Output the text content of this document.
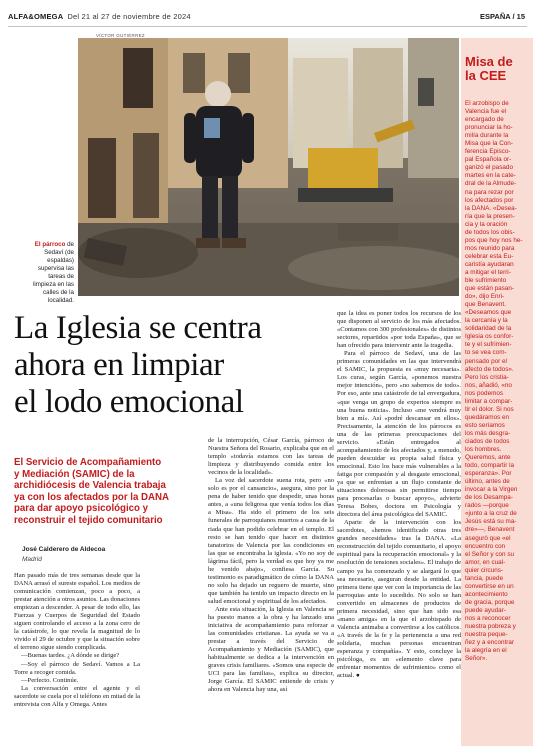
ALFA&OMEGA Del 21 al 27 de noviembre de 2024	ESPAÑA / 15
VÍCTOR GUTIÉRREZ
El párroco de Sedaví (de espaldas) supervisa las tareas de limpieza en las calles de la localidad.
Misa de
la CEE
El arzobispo de
Valencia fue el
encargado de
pronunciar la ho-
milía durante la
Misa que la Con-
ferencia Episco-
pal Española or-
ganizó el pasado
martes en la cate-
dral de la Almude-
na para rezar por
los afectados por
la DANA. «Desea-
ría que la presen-
cia y la oración
de todos los obis-
pos que hoy nos he-
mos reunido para
celebrar esta Eu-
caristía ayudaran
a mitigar el terri-
ble sufrimiento
que están pasan-
do», dijo Enri-
que Benavent.
«Deseamos que
la cercanía y la
solidaridad de la
Iglesia os confor-
te y el sufrimien-
to se vea com-
pensado por el
afecto de todos».
Pero los cristia-
nos, añadió, «no
nos podemos
limitar a compar-
tir el dolor. Si nos
quedáramos en
esto seríamos
los más desgra-
ciados de todos
los hombres.
Queremos, ante
todo, compartir la
esperanza». Por
último, antes de
invocar a la Virgen
de los Desampa-
rados —porque
«junto a la cruz de
Jesús está su ma-
dre»—, Benavent
aseguró que «el
encuentro con
el Señor y con su
amor, en cual-
quier circuns-
tancia, puede
convertirse en un
acontecimiento
de gracia, porque
puede ayudar-
nos a reconocer
nuestra pobreza y
nuestra peque-
ñez y a encontrar
la alegría en el
Señor».
La Iglesia se centra
ahora en limpiar
el lodo emocional
El Servicio de Acompañamiento
y Mediación (SAMIC) de la
archidiócesis de Valencia trabaja
ya con los afectados por la DANA
para dar apoyo psicológico y
reconstruir el tejido comunitario
José Calderero de Aldecoa
Madrid

Han pasado más de tres semanas desde que la DANA arrasó el sureste español. Los medios de comunicación comienzan, poco a poco, a prestar atención a otros asuntos. Las donaciones empiezan a descender. A pesar de todo ello, las Fuerzas y Cuerpos de Seguridad del Estado siguen controlando el acceso a la zona cero de la catástrofe, lo que revela la magnitud de lo vivido el 29 de octubre y que la situación sobre el terreno sigue siendo complicada.

—Buenas tardes. ¿A dónde se dirige?

—Soy el párroco de Sedaví. Vamos a La Torre a recoger comida.

—Perfecto. Continúe.

La conversación entre el agente y el sacerdote se cuela por el teléfono en mitad de la entrevista con Alfa y Omega. Antes

de la interrupción, César García, párroco de Nuestra Señora del Rosario, explicaba que en el templo «todavía estamos con las tareas de limpieza y distribuyendo comida entre los vecinos de la localidad».

La voz del sacerdote suena rota, pero «no solo es por el cansancio», asegura, sino por la pena de haber tenido que despedir, unas horas antes, a «una feligresa que venía todos los días a Misa». Ha sido el primero de los seis funerales de parroquianos muertos a causa de la riada que han podido celebrar en el templo. El resto se han tenido que hacer en distintos tanatorios de Valencia por las condiciones en las que se encontraba la iglesia. «Yo no soy de lágrima fácil, pero la verdad es que hoy ya me he venido abajo», confiesa García. Su testimonio es paradigmático de cómo la DANA no solo ha dejado un reguero de muerte, sino que también ha tenido un impacto directo en la salud emocional y espiritual de los afectados.

Ante esta situación, la Iglesia en Valencia se ha puesto manos a la obra y ha lanzado una iniciativa de acompañamiento para reforzar a las comunidades cristianas. La ayuda se va a prestar a través del Servicio de Acompañamiento y Mediación (SAMIC), que habitualmente se dedica a la intervención en graves crisis familiares. «Somos una especie de UCI para las familias», explica su director, Jorge García. El SAMIC entiende de crisis y ahora en Valencia hay una, así

que la idea es poner todos los recursos de los que disponen al servicio de los más afectados. «Contamos con 300 profesionales» de distintos sectores, repartidos «por toda España», que se han ofrecido para intervenir ante la tragedia.

Para el párroco de Sedaví, una de las primeras comunidades en las que intervendrá el SAMIC, la propuesta es «muy necesaria». Los curas, según García, «ponemos nuestra mejor intención», pero «no sabemos de todo». Por eso, ante una catástrofe de tal envergadura, «que venga un grupo de expertos siempre es una buena noticia». Incluso «me vendrá muy bien a mí». Así «podré descansar en ellos». Precisamente, la atención de los párrocos es una de las primeras preocupaciones del servicio. «Están entregados al acompañamiento de los afectados y, a menudo, pueden descuidar su propia salud física y emocional. Esto los hace más vulnerables a la fatiga por compasión y al desgaste emocional, ya que se enfrentan a un flujo constante de situaciones dolorosas sin permitirse tiempo para procesarlas o buscar apoyo», advierte Teresa Bobes, doctora en Psicología y directora del área psicológica del SAMIC.

Aparte de la intervención con los sacerdotes, «hemos identificado otras tres grandes necesidades» tras la DANA. «La reconstrucción del tejido comunitario, el apoyo espiritual para la recuperación emocional» y la resolución de tensiones sociales». El trabajo de campo ya ha comenzado y se alargará lo que sea necesario, aseguran desde la entidad. La primera tiene que ver con la importancia de las parroquias ante lo sucedido. No solo se han convertido en almacenes de productos de primera necesidad, sino que han sido esa «mano amiga» en la que el arzobispado de Valencia animaba a convertirse a los católicos. «A través de la fe y la pertenencia a una red solidaria, muchas personas encuentran esperanza y compañía». Y esto, concluye la psicóloga, es un «elemento clave para enfrentar momentos de sufrimiento» como el actual. ●
